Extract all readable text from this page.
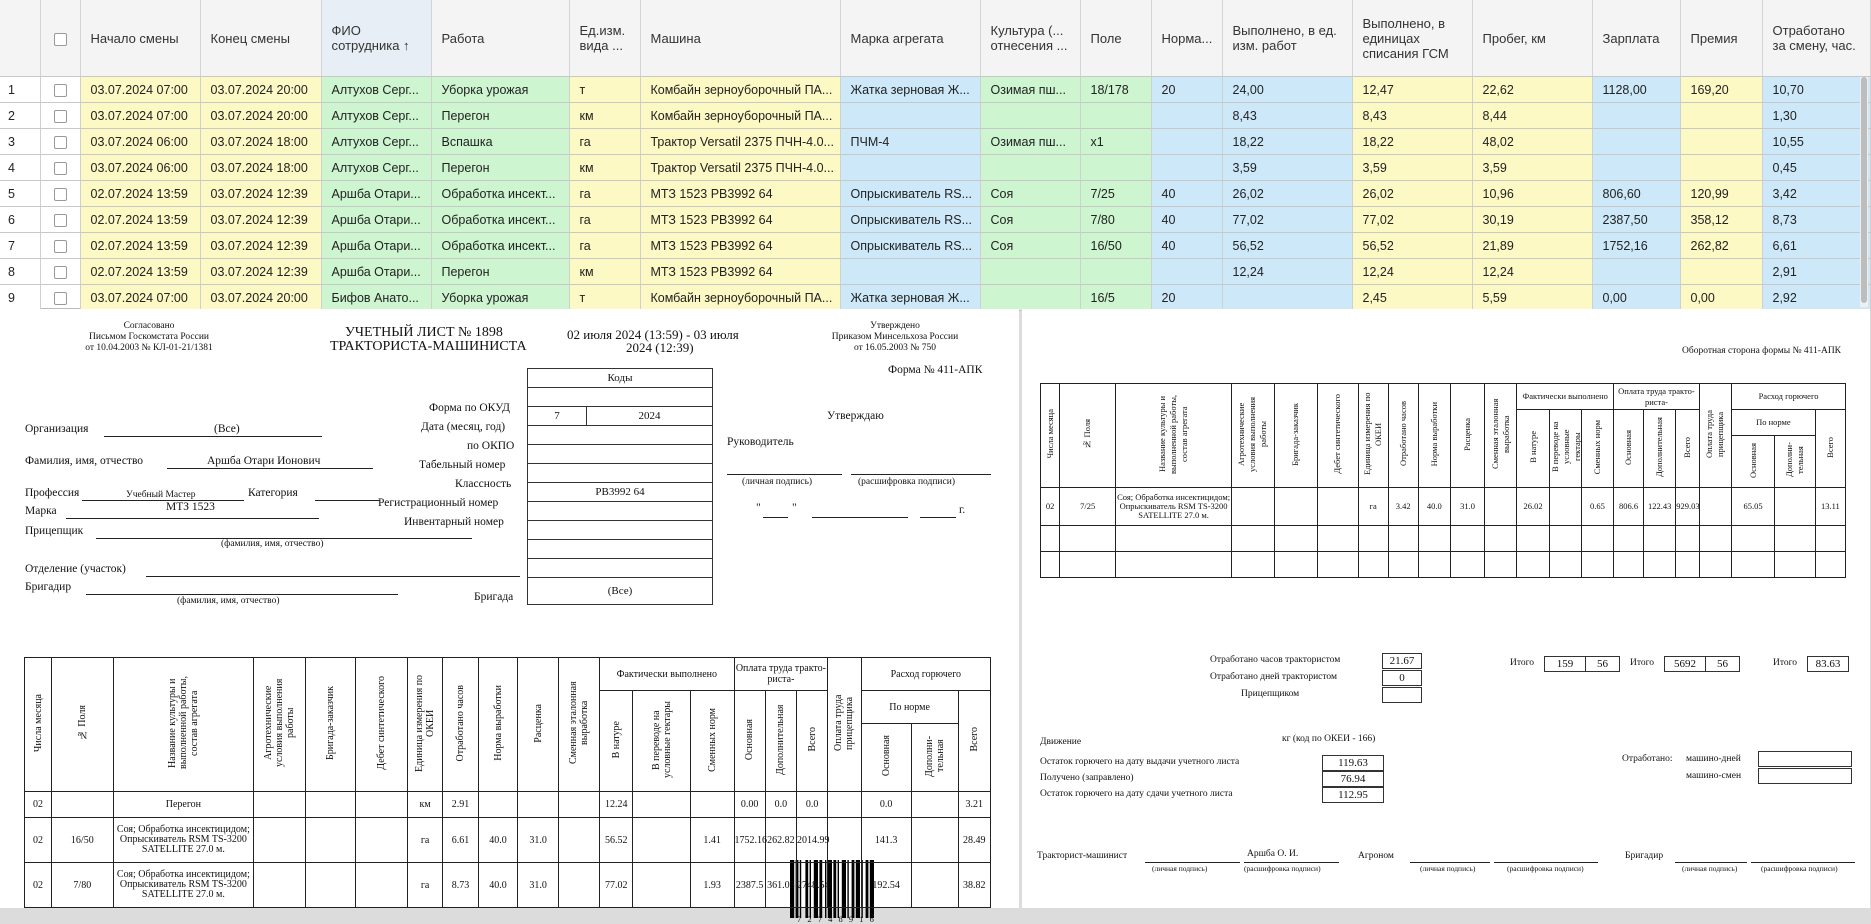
		Начало смены	Конец смены	ФИО сотрудника ↑	Работа	Ед.изм. вида ...	Машина	Марка агрегата	Культура (... отнесения ...	Поле	Норма...	Выполнено, в ед. изм. работ	Выполнено, в единицах списания ГСМ	Пробег, км	Зарплата	Премия	Отработано за смену, час.
1		03.07.2024 07:00	03.07.2024 20:00	Алтухов Серг...	Уборка урожая	т	Комбайн зерноуборочный ПА...	Жатка зерновая Ж...	Озимая пш...	18/178	20	24,00	12,47	22,62	1128,00	169,20	10,70
2		03.07.2024 07:00	03.07.2024 20:00	Алтухов Серг...	Перегон	км	Комбайн зерноуборочный ПА...					8,43	8,43	8,44			1,30
3		03.07.2024 06:00	03.07.2024 18:00	Алтухов Серг...	Вспашка	га	Трактор Versatil 2375 ПЧН-4.0...	ПЧМ-4	Озимая пш...	x1		18,22	18,22	48,02			10,55
4		03.07.2024 06:00	03.07.2024 18:00	Алтухов Серг...	Перегон	км	Трактор Versatil 2375 ПЧН-4.0...					3,59	3,59	3,59			0,45
5		02.07.2024 13:59	03.07.2024 12:39	Аршба Отари...	Обработка инсект...	га	МТЗ 1523 РВ3992 64	Опрыскиватель RS...	Соя	7/25	40	26,02	26,02	10,96	806,60	120,99	3,42
6		02.07.2024 13:59	03.07.2024 12:39	Аршба Отари...	Обработка инсект...	га	МТЗ 1523 РВ3992 64	Опрыскиватель RS...	Соя	7/80	40	77,02	77,02	30,19	2387,50	358,12	8,73
7		02.07.2024 13:59	03.07.2024 12:39	Аршба Отари...	Обработка инсект...	га	МТЗ 1523 РВ3992 64	Опрыскиватель RS...	Соя	16/50	40	56,52	56,52	21,89	1752,16	262,82	6,61
8		02.07.2024 13:59	03.07.2024 12:39	Аршба Отари...	Перегон	км	МТЗ 1523 РВ3992 64					12,24	12,24	12,24			2,91
9		03.07.2024 07:00	03.07.2024 20:00	Бифов Анато...	Уборка урожая	т	Комбайн зерноуборочный ПА...	Жатка зерновая Ж...		16/5	20		2,45	5,59	0,00	0,00	2,92
Согласовано
Письмом Госкомстата России
от 10.04.2003 № КЛ-01-21/1381
УЧЕТНЫЙ ЛИСТ № 1898
ТРАКТОРИСТА-МАШИНИСТА
02 июля 2024 (13:59) - 03 июля
2024 (12:39)
Утверждено
Приказом Минсельхоза России
от 16.05.2003 № 750
Форма № 411-АПК
Коды

7	2024

РВ3992 64

(Все)
Форма по ОКУД
Дата (месяц, год)
по ОКПО
Табельный номер
Классность
Регистрационный номер
Инвентарный номер
Бригада
Утверждаю
Руководитель
(личная подпись)	(расшифровка подписи)
"	"	г.
7 2 7 4 8 9 1 6
Организация	(Все)
Фамилия, имя, отчество	Аршба Отари Ионович
Профессия	Учебный Мастер	Категория
Марка	МТЗ 1523
Прицепщик
(фамилия, имя, отчество)
Отделение (участок)
Бригадир
(фамилия, имя, отчество)
Числа месяца	№ Поля	Название культуры и выполненной работы, состав агрегата	Агротехнические условия выполнения работы	Бригада-заказчик	Дебет синтетического	Единица измерения по ОКЕИ	Отработано часов	Норма выработки	Расценка	Сменная эталонная выработка	Фактически выполнено			Оплата труда тракто-риста-			Оплата труда прицепщика	Расход горючего		
											В натуре	В переводе на условные гектары	Сменных норм	Основная	Дополнительная	Всего		По норме		Всего
																		Основная	Дополни-тельная	
02		Перегон				км	2.91				12.24			0.00	0.0	0.0		0.0		3.21
02	16/50	Соя; Обработка инсектицидом; Опрыскиватель RSM TS-3200 SATELLITE 27.0 м.				га	6.61	40.0	31.0		56.52		1.41	1752.16	262.82	2014.99		141.3		28.49
02	7/80	Соя; Обработка инсектицидом; Опрыскиватель RSM TS-3200 SATELLITE 27.0 м.				га	8.73	40.0	31.0		77.02		1.93	2387.5	361.05	2748.54		192.54		38.82
Оборотная сторона формы № 411-АПК
Числа месяца	№ Поля	Название культуры и выполненной работы, состав агрегата	Агротехнические условия выполнения работы	Бригада-заказчик	Дебет синтетического	Единица измерения по ОКЕИ	Отработано часов	Норма выработки	Расценка	Сменная эталонная выработка	Фактически выполнено			Оплата труда тракто-риста-			Оплата труда прицепщика	Расход горючего		
											В натуре	В переводе на условные гектары	Сменных норм	Основная	Дополнительная	Всего		По норме		Всего
																		Основная	Дополни-тельная	
02	7/25	Соя; Обработка инсектицидом; Опрыскиватель RSM TS-3200 SATELLITE 27.0 м.				га	3.42	40.0	31.0		26.02		0.65	806.6	122.43	929.03		65.05		13.11

Отработано часов трактористом	21.67
Отработано дней трактористом	0
Прицепщиком
Итого	159	56	Итого	5692	56	Итого	83.63
Движение	кг (код по ОКЕИ - 166)
Остаток горючего на дату выдачи учетного листа	119.63
Получено (заправлено)	76.94
Остаток горючего на дату сдачи учетного листа	112.95
Отработано: машино-дней
машино-смен
Тракторист-машинист	Аршба О. И.
(личная подпись)	(расшифровка подписи)
Агроном
(личная подпись)	(расшифровка подписи)
Бригадир
(личная подпись)	(расшифровка подписи)
